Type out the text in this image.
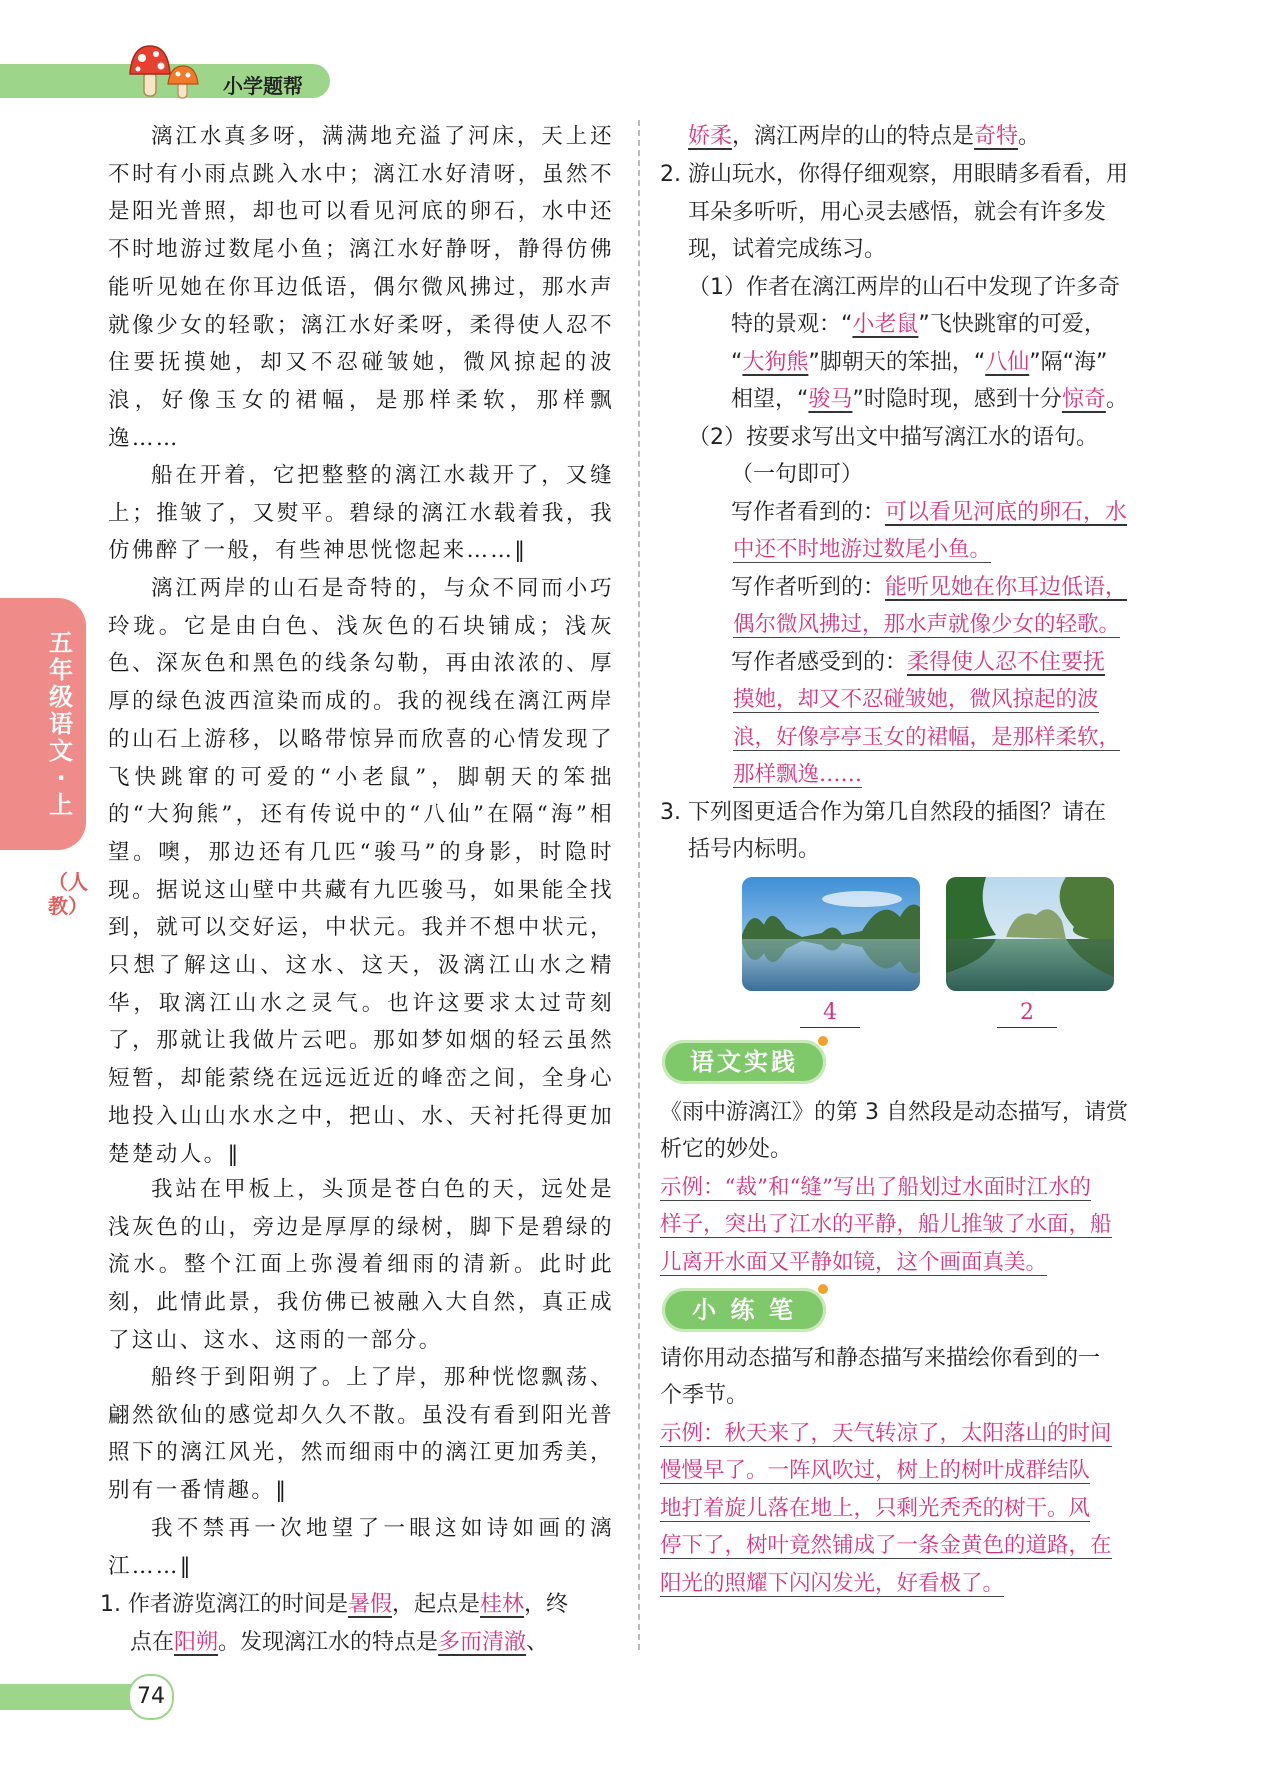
小学题帮
五年级语文·上
（人教）
漓江水真多呀，满满地充溢了河床，天上还不时有小雨点跳入水中；漓江水好清呀，虽然不是阳光普照，却也可以看见河底的卵石，水中还不时地游过数尾小鱼；漓江水好静呀，静得仿佛能听见她在你耳边低语，偶尔微风拂过，那水声就像少女的轻歌；漓江水好柔呀，柔得使人忍不住要抚摸她，却又不忍碰皱她，微风掠起的波浪，好像玉女的裙幅，是那样柔软，那样飘逸……
船在开着，它把整整的漓江水裁开了，又缝上；推皱了，又熨平。碧绿的漓江水载着我，我仿佛醉了一般，有些神思恍惚起来……‖
漓江两岸的山石是奇特的，与众不同而小巧玲珑。它是由白色、浅灰色的石块铺成；浅灰色、深灰色和黑色的线条勾勒，再由浓浓的、厚厚的绿色波西渲染而成的。我的视线在漓江两岸的山石上游移，以略带惊异而欣喜的心情发现了飞快跳窜的可爱的“小老鼠”，脚朝天的笨拙的“大狗熊”，还有传说中的“八仙”在隔“海”相望。噢，那边还有几匹“骏马”的身影，时隐时现。据说这山壁中共藏有九匹骏马，如果能全找到，就可以交好运，中状元。我并不想中状元，只想了解这山、这水、这天，汲漓江山水之精华，取漓江山水之灵气。也许这要求太过苛刻了，那就让我做片云吧。那如梦如烟的轻云虽然短暂，却能萦绕在远远近近的峰峦之间，全身心地投入山山水水之中，把山、水、天衬托得更加楚楚动人。‖
我站在甲板上，头顶是苍白色的天，远处是浅灰色的山，旁边是厚厚的绿树，脚下是碧绿的流水。整个江面上弥漫着细雨的清新。此时此刻，此情此景，我仿佛已被融入大自然，真正成了这山、这水、这雨的一部分。
船终于到阳朔了。上了岸，那种恍惚飘荡、翩然欲仙的感觉却久久不散。虽没有看到阳光普照下的漓江风光，然而细雨中的漓江更加秀美，别有一番情趣。‖
我不禁再一次地望了一眼这如诗如画的漓江……‖
1. 作者游览漓江的时间是暑假，起点是桂林，终
点在阳朔。发现漓江水的特点是多而清澈、
娇柔，漓江两岸的山的特点是奇特。
2. 游山玩水，你得仔细观察，用眼睛多看看，用
耳朵多听听，用心灵去感悟，就会有许多发
现，试着完成练习。
（1）作者在漓江两岸的山石中发现了许多奇
特的景观：“小老鼠”飞快跳窜的可爱，
“大狗熊”脚朝天的笨拙，“八仙”隔“海”
相望，“骏马”时隐时现，感到十分惊奇。
（2）按要求写出文中描写漓江水的语句。
（一句即可）
写作者看到的：可以看见河底的卵石，水
中还不时地游过数尾小鱼。
写作者听到的：能听见她在你耳边低语，
偶尔微风拂过，那水声就像少女的轻歌。
写作者感受到的：柔得使人忍不住要抚
摸她，却又不忍碰皱她，微风掠起的波
浪，好像亭亭玉女的裙幅，是那样柔软，
那样飘逸……
3. 下列图更适合作为第几自然段的插图？请在
括号内标明。
4	2
语文实践
《雨中游漓江》的第 3 自然段是动态描写，请赏
析它的妙处。
示例：“裁”和“缝”写出了船划过水面时江水的
样子，突出了江水的平静，船儿推皱了水面，船
儿离开水面又平静如镜，这个画面真美。
小 练 笔
请你用动态描写和静态描写来描绘你看到的一
个季节。
示例：秋天来了，天气转凉了，太阳落山的时间
慢慢早了。一阵风吹过，树上的树叶成群结队
地打着旋儿落在地上，只剩光秃秃的树干。风
停下了，树叶竟然铺成了一条金黄色的道路，在
阳光的照耀下闪闪发光，好看极了。
74
